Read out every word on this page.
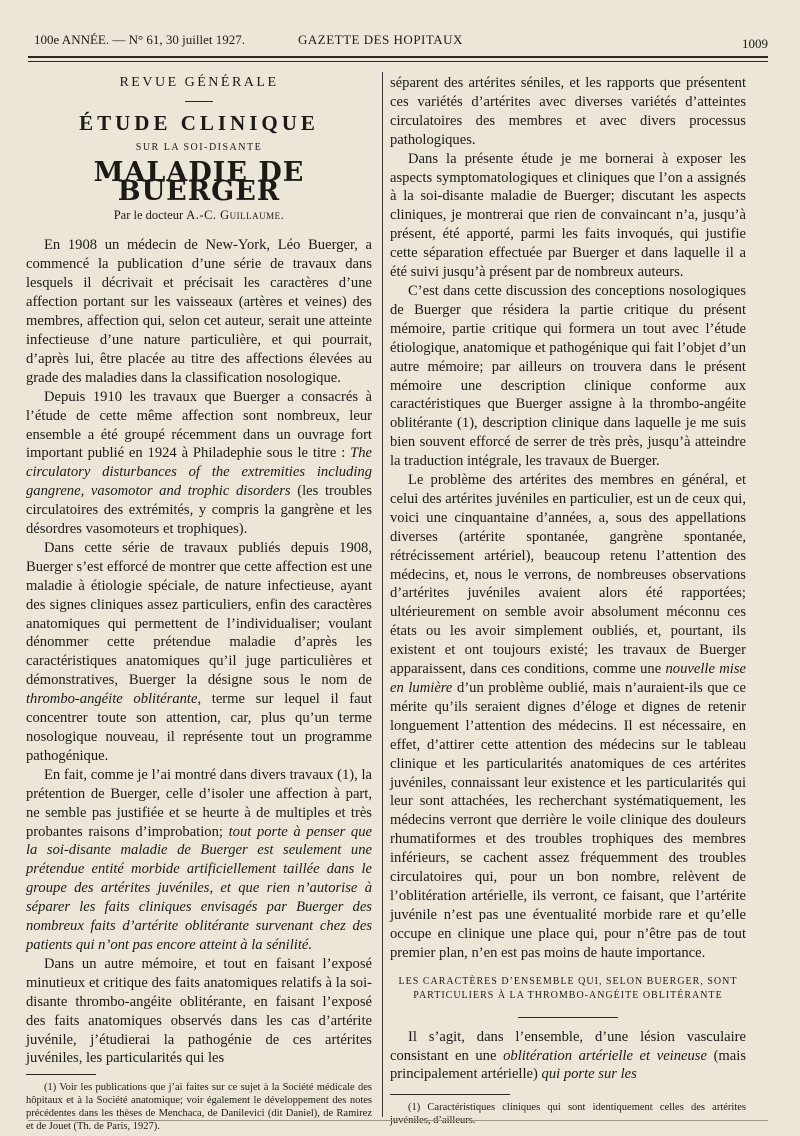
100e ANNÉE. — N° 61, 30 juillet 1927.	GAZETTE DES HOPITAUX	1009
REVUE GÉNÉRALE
ÉTUDE CLINIQUE
SUR LA SOI-DISANTE
MALADIE DE BUERGER
Par le docteur A.-C. Guillaume.

En 1908 un médecin de New-York, Léo Buerger, a commencé la publication d’une série de travaux dans lesquels il décrivait et précisait les caractères d’une affection portant sur les vaisseaux (artères et veines) des membres, affection qui, selon cet auteur, serait une atteinte infectieuse d’une nature particulière, et qui pourrait, d’après lui, être placée au titre des affections élevées au grade des maladies dans la classification nosologique.

Depuis 1910 les travaux que Buerger a consacrés à l’étude de cette même affection sont nombreux, leur ensemble a été groupé récemment dans un ouvrage fort important publié en 1924 à Philadephie sous le titre : The circulatory disturbances of the extremities including gangrene, vasomotor and trophic disorders (les troubles circulatoires des extrémités, y compris la gangrène et les désordres vasomoteurs et trophiques).

Dans cette série de travaux publiés depuis 1908, Buerger s’est efforcé de montrer que cette affection est une maladie à étiologie spéciale, de nature infectieuse, ayant des signes cliniques assez particuliers, enfin des caractères anatomiques qui permettent de l’individualiser; voulant dénommer cette prétendue maladie d’après les caractéristiques anatomiques qu’il juge particulières et démonstratives, Buerger la désigne sous le nom de thrombo-angéite oblitérante, terme sur lequel il faut concentrer toute son attention, car, plus qu’un terme nosologique nouveau, il représente tout un programme pathogénique.

En fait, comme je l’ai montré dans divers travaux (1), la prétention de Buerger, celle d’isoler une affection à part, ne semble pas justifiée et se heurte à de multiples et très probantes raisons d’improbation; tout porte à penser que la soi-disante maladie de Buerger est seulement une prétendue entité morbide artificiellement taillée dans le groupe des artérites juvéniles, et que rien n’autorise à séparer les faits cliniques envisagés par Buerger des nombreux faits d’artérite oblitérante survenant chez des patients qui n’ont pas encore atteint à la sénilité.

Dans un autre mémoire, et tout en faisant l’exposé minutieux et critique des faits anatomiques relatifs à la soi-disante thrombo-angéite oblitérante, en faisant l’exposé des faits anatomiques observés dans les cas d’artérite juvénile, j’étudierai la pathogénie de ces artérites juvéniles, les particularités qui les

(1) Voir les publications que j’ai faites sur ce sujet à la Société médicale des hôpitaux et à la Société anatomique; voir également le développement des notes précédentes dans les thèses de Menchaca, de Danilevici (dit Daniel), de Ramirez et de Jouet (Th. de Paris, 1927).

séparent des artérites séniles, et les rapports que présentent ces variétés d’artérites avec diverses variétés d’atteintes circulatoires des membres et avec divers processus pathologiques.

Dans la présente étude je me bornerai à exposer les aspects symptomatologiques et cliniques que l’on a assignés à la soi-disante maladie de Buerger; discutant les aspects cliniques, je montrerai que rien de convaincant n’a, jusqu’à présent, été apporté, parmi les faits invoqués, qui justifie cette séparation effectuée par Buerger et dans laquelle il a été suivi jusqu’à présent par de nombreux auteurs.

C’est dans cette discussion des conceptions nosologiques de Buerger que résidera la partie critique du présent mémoire, partie critique qui formera un tout avec l’étude étiologique, anatomique et pathogénique qui fait l’objet d’un autre mémoire; par ailleurs on trouvera dans le présent mémoire une description clinique conforme aux caractéristiques que Buerger assigne à la thrombo-angéite oblitérante (1), description clinique dans laquelle je me suis bien souvent efforcé de serrer de très près, jusqu’à atteindre la traduction intégrale, les travaux de Buerger.

Le problème des artérites des membres en général, et celui des artérites juvéniles en particulier, est un de ceux qui, voici une cinquantaine d’années, a, sous des appellations diverses (artérite spontanée, gangrène spontanée, rétrécissement artériel), beaucoup retenu l’attention des médecins, et, nous le verrons, de nombreuses observations d’artérites juvéniles avaient alors été rapportées; ultérieurement on semble avoir absolument méconnu ces états ou les avoir simplement oubliés, et, pourtant, ils existent et ont toujours existé; les travaux de Buerger apparaissent, dans ces conditions, comme une nouvelle mise en lumière d’un problème oublié, mais n’auraient-ils que ce mérite qu’ils seraient dignes d’éloge et dignes de retenir longuement l’attention des médecins. Il est nécessaire, en effet, d’attirer cette attention des médecins sur le tableau clinique et les particularités anatomiques de ces artérites juvéniles, connaissant leur existence et les particularités qui leur sont attachées, les recherchant systématiquement, les médecins verront que derrière le voile clinique des douleurs rhumatiformes et des troubles trophiques des membres inférieurs, se cachent assez fréquemment des troubles circulatoires qui, pour un bon nombre, relèvent de l’oblitération artérielle, ils verront, ce faisant, que l’artérite juvénile n’est pas une éventualité morbide rare et qu’elle occupe en clinique une place qui, pour n’être pas de tout premier plan, n’en est pas moins de haute importance.

LES CARACTÈRES D’ENSEMBLE QUI, SELON BUERGER, SONT PARTICULIERS À LA THROMBO-ANGÉITE OBLITÉRANTE

Il s’agit, dans l’ensemble, d’une lésion vasculaire consistant en une oblitération artérielle et veineuse (mais principalement artérielle) qui porte sur les

(1) Caractéristiques cliniques qui sont identiquement celles des artérites juvéniles, d’ailleurs.
